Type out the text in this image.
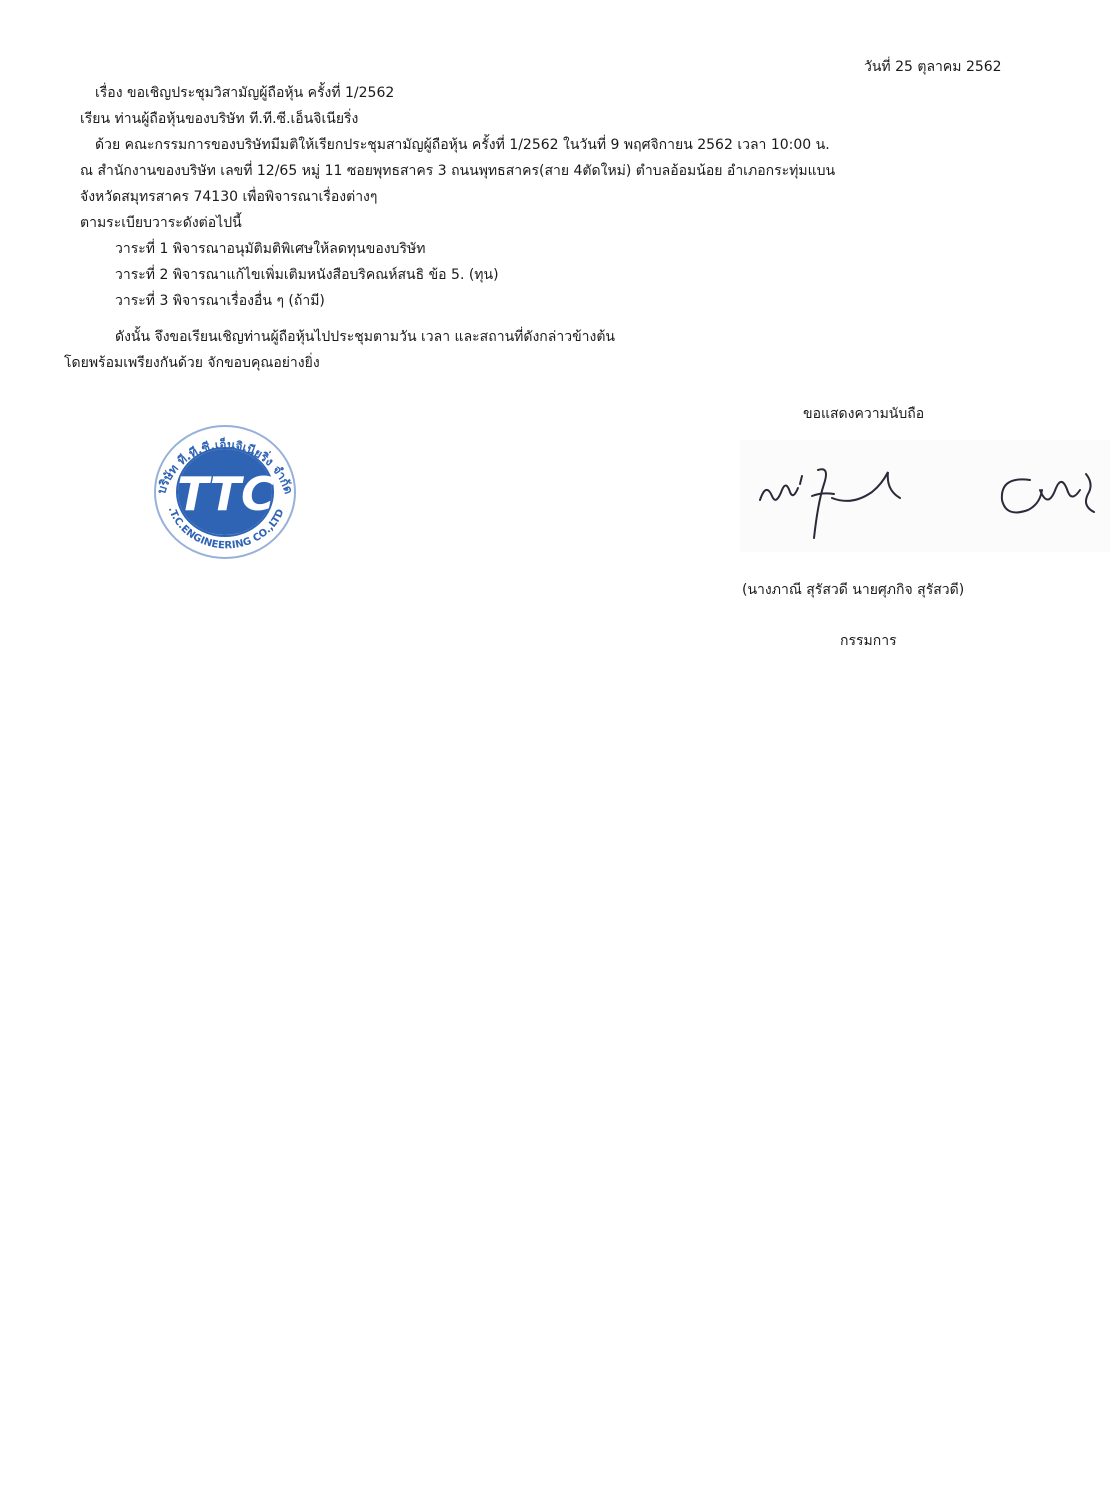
วันที่ 25 ตุลาคม 2562
เรื่อง ขอเชิญประชุมวิสามัญผู้ถือหุ้น ครั้งที่ 1/2562
เรียน ท่านผู้ถือหุ้นของบริษัท ที.ที.ซี.เอ็นจิเนียริ่ง
ด้วย คณะกรรมการของบริษัทมีมติให้เรียกประชุมสามัญผู้ถือหุ้น ครั้งที่ 1/2562 ในวันที่ 9 พฤศจิกายน 2562 เวลา 10:00 น.
ณ สำนักงานของบริษัท เลขที่ 12/65 หมู่ 11 ซอยพุทธสาคร 3 ถนนพุทธสาคร(สาย 4ตัดใหม่) ตำบลอ้อมน้อย อำเภอกระทุ่มแบน
จังหวัดสมุทรสาคร 74130 เพื่อพิจารณาเรื่องต่างๆ
ตามระเบียบวาระดังต่อไปนี้
วาระที่ 1 พิจารณาอนุมัติมติพิเศษให้ลดทุนของบริษัท
วาระที่ 2 พิจารณาแก้ไขเพิ่มเติมหนังสือบริคณห์สนธิ ข้อ 5. (ทุน)
วาระที่ 3 พิจารณาเรื่องอื่น ๆ (ถ้ามี)
ดังนั้น จึงขอเรียนเชิญท่านผู้ถือหุ้นไปประชุมตามวัน เวลา และสถานที่ดังกล่าวข้างต้น
โดยพร้อมเพรียงกันด้วย จักขอบคุณอย่างยิ่ง
ขอแสดงความนับถือ
TTC
บริษัท ที.ที.ซี.เอ็นจิเนียริ่ง จำกัด
.T.C.ENGINEERING CO.,LTD
(นางภาณี สุรัสวดี นายศุภกิจ สุรัสวดี)
กรรมการ
